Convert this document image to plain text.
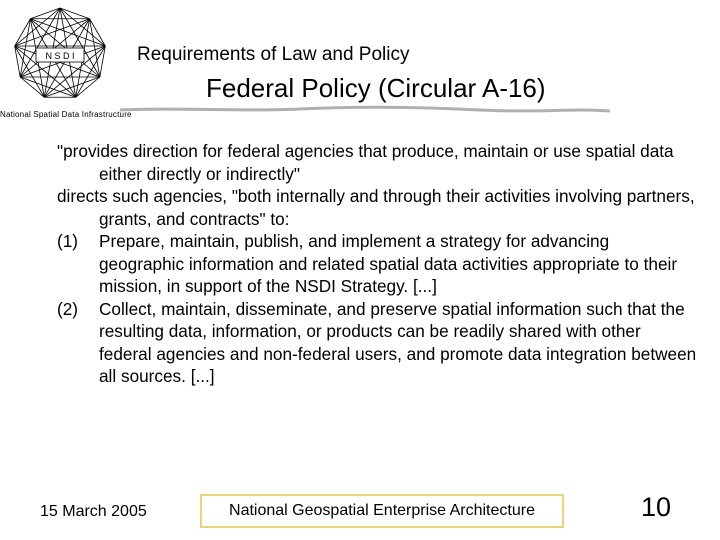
N S D I
National Spatial Data Infrastructure
Requirements of Law and Policy
Federal Policy (Circular A-16)

"provides direction for federal agencies that produce, maintain or use spatial data either directly or indirectly"

directs such agencies, "both internally and through their activities involving partners, grants, and contracts" to:

(1)	Prepare, maintain, publish, and implement a strategy for advancing geographic information and related spatial data activities appropriate to their mission, in support of the NSDI Strategy. [...]
(2)	Collect, maintain, disseminate, and preserve spatial information such that the resulting data, information, or products can be readily shared with other federal agencies and non-federal users, and promote data integration between all sources. [...]
15 March 2005	National Geospatial Enterprise Architecture	10
